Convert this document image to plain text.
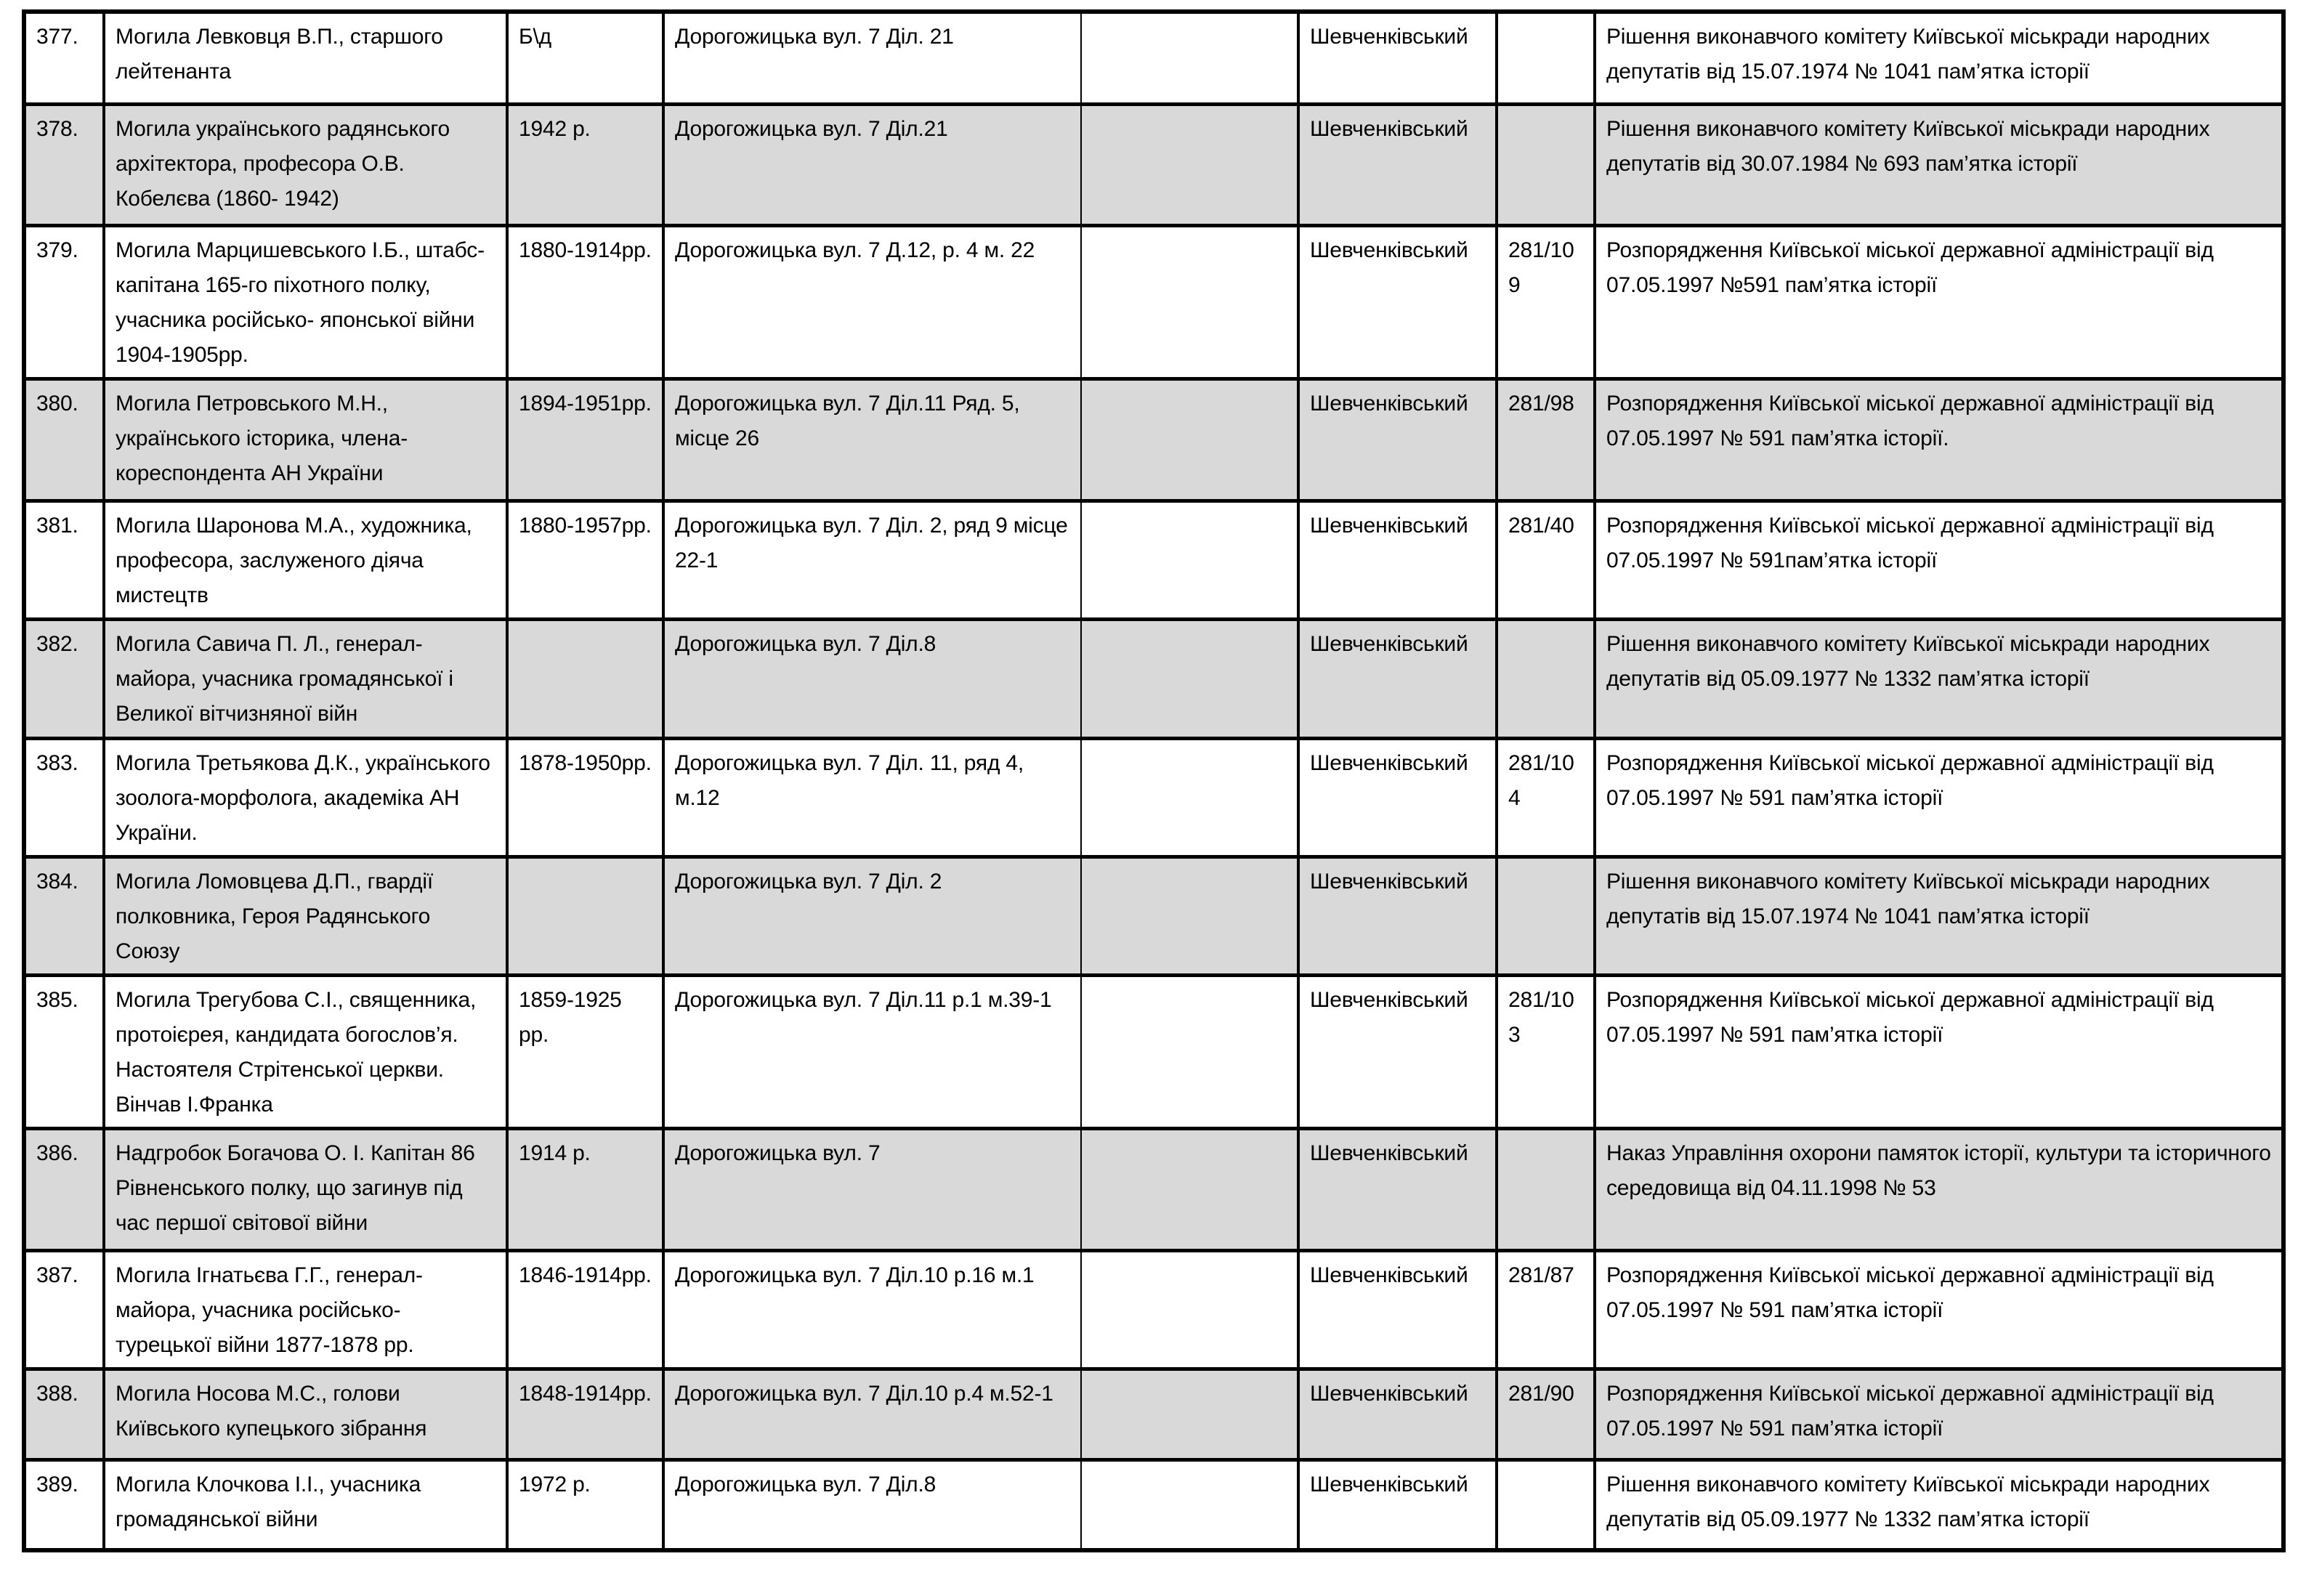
377.	Могила Левковця В.П., старшого лейтенанта	Б\д	Дорогожицька вул. 7 Діл. 21		Шевченківський		Рішення виконавчого комітету Київської міськради народних депутатів від 15.07.1974 № 1041 пам’ятка історії
378.	Могила українського радянського архітектора, професора О.В. Кобелєва (1860- 1942)	1942 р.	Дорогожицька вул. 7 Діл.21		Шевченківський		Рішення виконавчого комітету Київської міськради народних депутатів від 30.07.1984 № 693 пам’ятка історії
379.	Могила Марцишевського І.Б., штабс-капітана 165-го піхотного полку, учасника російсько- японської війни 1904-1905рр.	1880-1914рр.	Дорогожицька вул. 7 Д.12, р. 4 м. 22		Шевченківський	281/109	Розпорядження Київської міської державної адміністрації від 07.05.1997 №591 пам’ятка історії
380.	Могила Петровського М.Н., українського історика, члена-кореспондента АН України	1894-1951рр.	Дорогожицька вул. 7 Діл.11 Ряд. 5, місце 26		Шевченківський	281/98	Розпорядження Київської міської державної адміністрації від 07.05.1997 № 591 пам’ятка історії.
381.	Могила Шаронова М.А., художника, професора, заслуженого діяча мистецтв	1880-1957рр.	Дорогожицька вул. 7 Діл. 2, ряд 9 місце 22-1		Шевченківський	281/40	Розпорядження Київської міської державної адміністрації від 07.05.1997 № 591пам’ятка історії
382.	Могила Савича П. Л., генерал- майора, учасника громадянської і Великої вітчизняної війн		Дорогожицька вул. 7 Діл.8		Шевченківський		Рішення виконавчого комітету Київської міськради народних депутатів від 05.09.1977 № 1332 пам’ятка історії
383.	Могила Третьякова Д.К., українського зоолога-морфолога, академіка АН України.	1878-1950рр.	Дорогожицька вул. 7 Діл. 11, ряд 4, м.12		Шевченківський	281/104	Розпорядження Київської міської державної адміністрації від 07.05.1997 № 591 пам’ятка історії
384.	Могила Ломовцева Д.П., гвардії полковника, Героя Радянського Союзу		Дорогожицька вул. 7 Діл. 2		Шевченківський		Рішення виконавчого комітету Київської міськради народних депутатів від 15.07.1974 № 1041 пам’ятка історії
385.	Могила Трегубова С.І., священника, протоієрея, кандидата богослов’я. Настоятеля Стрітенської церкви. Вінчав І.Франка	1859-1925 рр.	Дорогожицька вул. 7 Діл.11 р.1 м.39-1		Шевченківський	281/103	Розпорядження Київської міської державної адміністрації від 07.05.1997 № 591 пам’ятка історії
386.	Надгробок Богачова О. І. Капітан 86 Рівненського полку, що загинув під час першої світової війни	1914 р.	Дорогожицька вул. 7		Шевченківський		Наказ Управління охорони памяток історії, культури та історичного середовища від 04.11.1998 № 53
387.	Могила Ігнатьєва Г.Г., генерал- майора, учасника російсько- турецької війни 1877-1878 рр.	1846-1914рр.	Дорогожицька вул. 7 Діл.10 р.16 м.1		Шевченківський	281/87	Розпорядження Київської міської державної адміністрації від 07.05.1997 № 591 пам’ятка історії
388.	Могила Носова М.С., голови Київського купецького зібрання	1848-1914рр.	Дорогожицька вул. 7 Діл.10 р.4 м.52-1		Шевченківський	281/90	Розпорядження Київської міської державної адміністрації від 07.05.1997 № 591 пам’ятка історії
389.	Могила Клочкова І.І., учасника громадянської війни	1972 р.	Дорогожицька вул. 7 Діл.8		Шевченківський		Рішення виконавчого комітету Київської міськради народних депутатів від 05.09.1977 № 1332 пам’ятка історії
